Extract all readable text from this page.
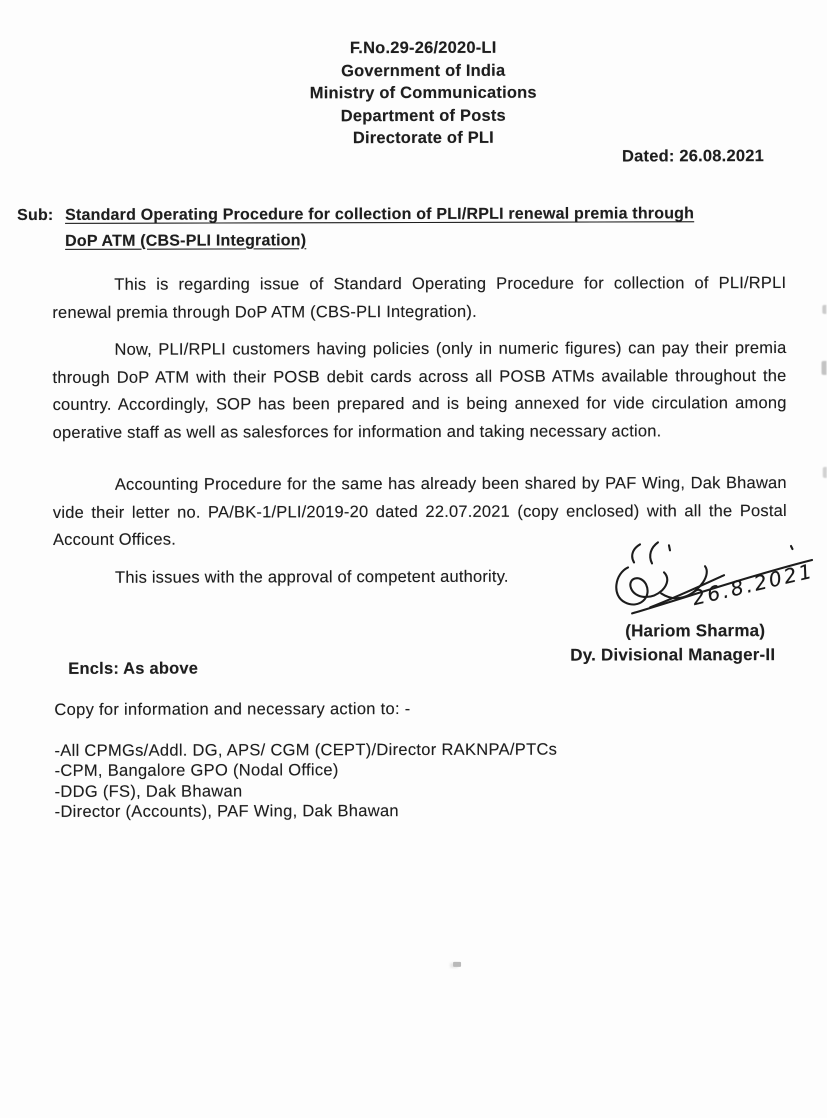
F.No.29-26/2020-LI
Government of India
Ministry of Communications
Department of Posts
Directorate of PLI
Dated: 26.08.2021
Sub: Standard Operating Procedure for collection of PLI/RPLI renewal premia through
DoP ATM (CBS-PLI Integration)
This is regarding issue of Standard Operating Procedure for collection of PLI/RPLI renewal premia through DoP ATM (CBS-PLI Integration).
Now, PLI/RPLI customers having policies (only in numeric figures) can pay their premia through DoP ATM with their POSB debit cards across all POSB ATMs available throughout the country. Accordingly, SOP has been prepared and is being annexed for vide circulation among operative staff as well as salesforces for information and taking necessary action.
Accounting Procedure for the same has already been shared by PAF Wing, Dak Bhawan vide their letter no. PA/BK-1/PLI/2019-20 dated 22.07.2021 (copy enclosed) with all the Postal Account Offices.
This issues with the approval of competent authority.	26.8.2021
(Hariom Sharma)
Dy. Divisional Manager-II
Encls: As above
Copy for information and necessary action to: -
-All CPMGs/Addl. DG, APS/ CGM (CEPT)/Director RAKNPA/PTCs
-CPM, Bangalore GPO (Nodal Office)
-DDG (FS), Dak Bhawan
-Director (Accounts), PAF Wing, Dak Bhawan
